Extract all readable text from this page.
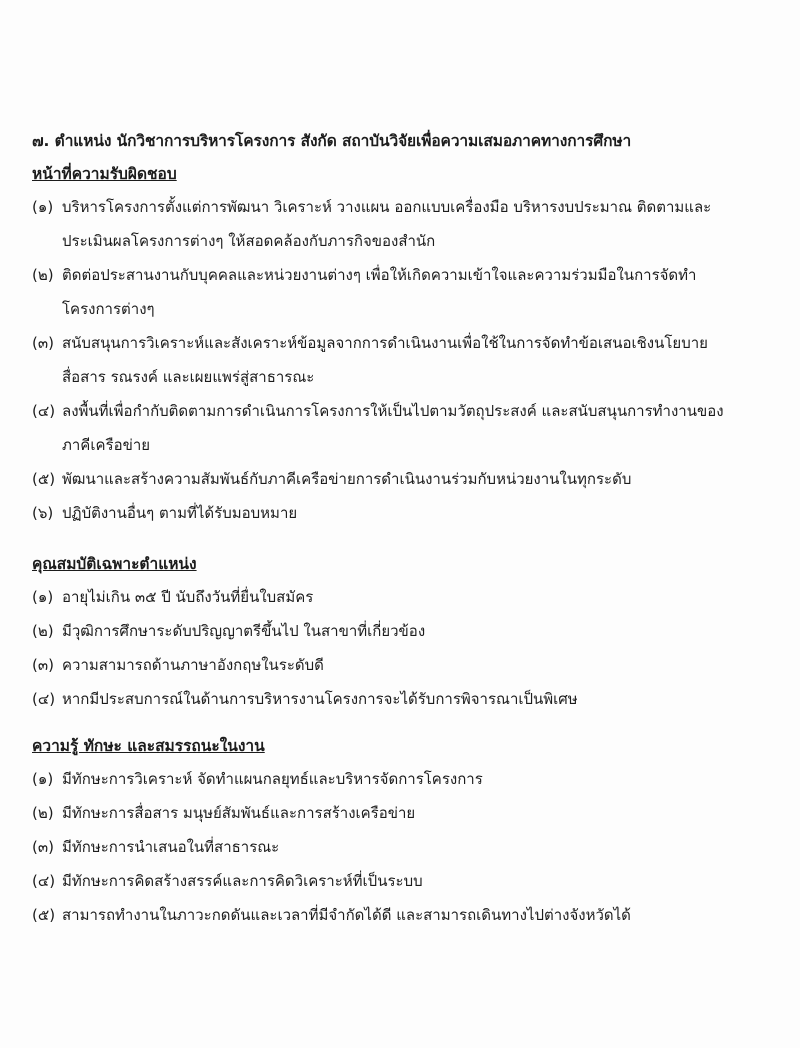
๗. ตำแหน่ง นักวิชาการบริหารโครงการ สังกัด สถาบันวิจัยเพื่อความเสมอภาคทางการศึกษา
หน้าที่ความรับผิดชอบ
(๑) บริหารโครงการตั้งแต่การพัฒนา วิเคราะห์ วางแผน ออกแบบเครื่องมือ บริหารงบประมาณ ติดตามและ
ประเมินผลโครงการต่างๆ ให้สอดคล้องกับภารกิจของสำนัก
(๒) ติดต่อประสานงานกับบุคคลและหน่วยงานต่างๆ เพื่อให้เกิดความเข้าใจและความร่วมมือในการจัดทำ
โครงการต่างๆ
(๓) สนับสนุนการวิเคราะห์และสังเคราะห์ข้อมูลจากการดำเนินงานเพื่อใช้ในการจัดทำข้อเสนอเชิงนโยบาย
สื่อสาร รณรงค์ และเผยแพร่สู่สาธารณะ
(๔) ลงพื้นที่เพื่อกำกับติดตามการดำเนินการโครงการให้เป็นไปตามวัตถุประสงค์ และสนับสนุนการทำงานของ
ภาคีเครือข่าย
(๕) พัฒนาและสร้างความสัมพันธ์กับภาคีเครือข่ายการดำเนินงานร่วมกับหน่วยงานในทุกระดับ
(๖) ปฏิบัติงานอื่นๆ ตามที่ได้รับมอบหมาย
คุณสมบัติเฉพาะตำแหน่ง
(๑) อายุไม่เกิน ๓๕ ปี นับถึงวันที่ยื่นใบสมัคร
(๒) มีวุฒิการศึกษาระดับปริญญาตรีขึ้นไป ในสาขาที่เกี่ยวข้อง
(๓) ความสามารถด้านภาษาอังกฤษในระดับดี
(๔) หากมีประสบการณ์ในด้านการบริหารงานโครงการจะได้รับการพิจารณาเป็นพิเศษ
ความรู้ ทักษะ และสมรรถนะในงาน
(๑) มีทักษะการวิเคราะห์ จัดทำแผนกลยุทธ์และบริหารจัดการโครงการ
(๒) มีทักษะการสื่อสาร มนุษย์สัมพันธ์และการสร้างเครือข่าย
(๓) มีทักษะการนำเสนอในที่สาธารณะ
(๔) มีทักษะการคิดสร้างสรรค์และการคิดวิเคราะห์ที่เป็นระบบ
(๕) สามารถทำงานในภาวะกดดันและเวลาที่มีจำกัดได้ดี และสามารถเดินทางไปต่างจังหวัดได้
